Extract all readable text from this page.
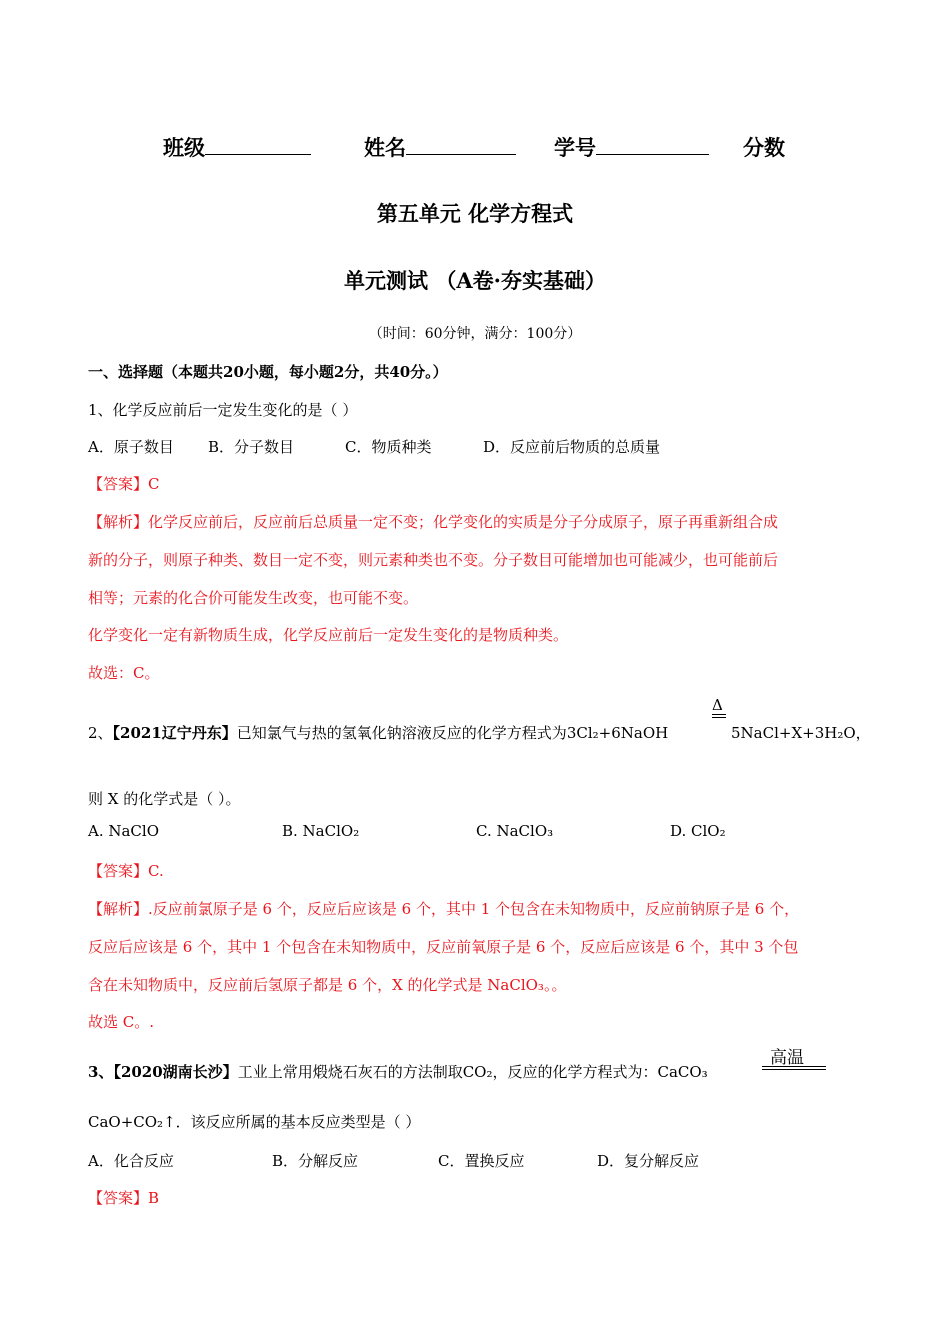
班级	姓名	学号	分数
第五单元 化学方程式
单元测试 （A卷·夯实基础）
（时间：60分钟，满分：100分）
一、选择题（本题共20小题，每小题2分，共40分。）
1、化学反应前后一定发生变化的是（ ）
A．原子数目 B．分子数目	C．物质种类	D．反应前后物质的总质量
【答案】C
【解析】化学反应前后，反应前后总质量一定不变；化学变化的实质是分子分成原子，原子再重新组合成
新的分子，则原子种类、数目一定不变，则元素种类也不变。分子数目可能增加也可能减少，也可能前后
相等；元素的化合价可能发生改变，也可能不变。
化学变化一定有新物质生成，化学反应前后一定发生变化的是物质种类。
故选：C。
2、【2021辽宁丹东】已知氯气与热的氢氧化钠溶液反应的化学方程式为3Cl₂+6NaOH
Δ
5NaCl+X+3H₂O，
则 X 的化学式是（ ）。
A. NaClO	B. NaClO₂	C. NaClO₃	D. ClO₂
【答案】C.
【解析】.反应前氯原子是 6 个，反应后应该是 6 个，其中 1 个包含在未知物质中，反应前钠原子是 6 个，
反应后应该是 6 个，其中 1 个包含在未知物质中，反应前氧原子是 6 个，反应后应该是 6 个，其中 3 个包
含在未知物质中，反应前后氢原子都是 6 个，X 的化学式是 NaClO₃。。
故选 C。.
3、【2020湖南长沙】工业上常用煅烧石灰石的方法制取CO₂，反应的化学方程式为：CaCO₃
高温
CaO+CO₂↑．该反应所属的基本反应类型是（ ）
A．化合反应	B．分解反应	C．置换反应	D．复分解反应
【答案】B
